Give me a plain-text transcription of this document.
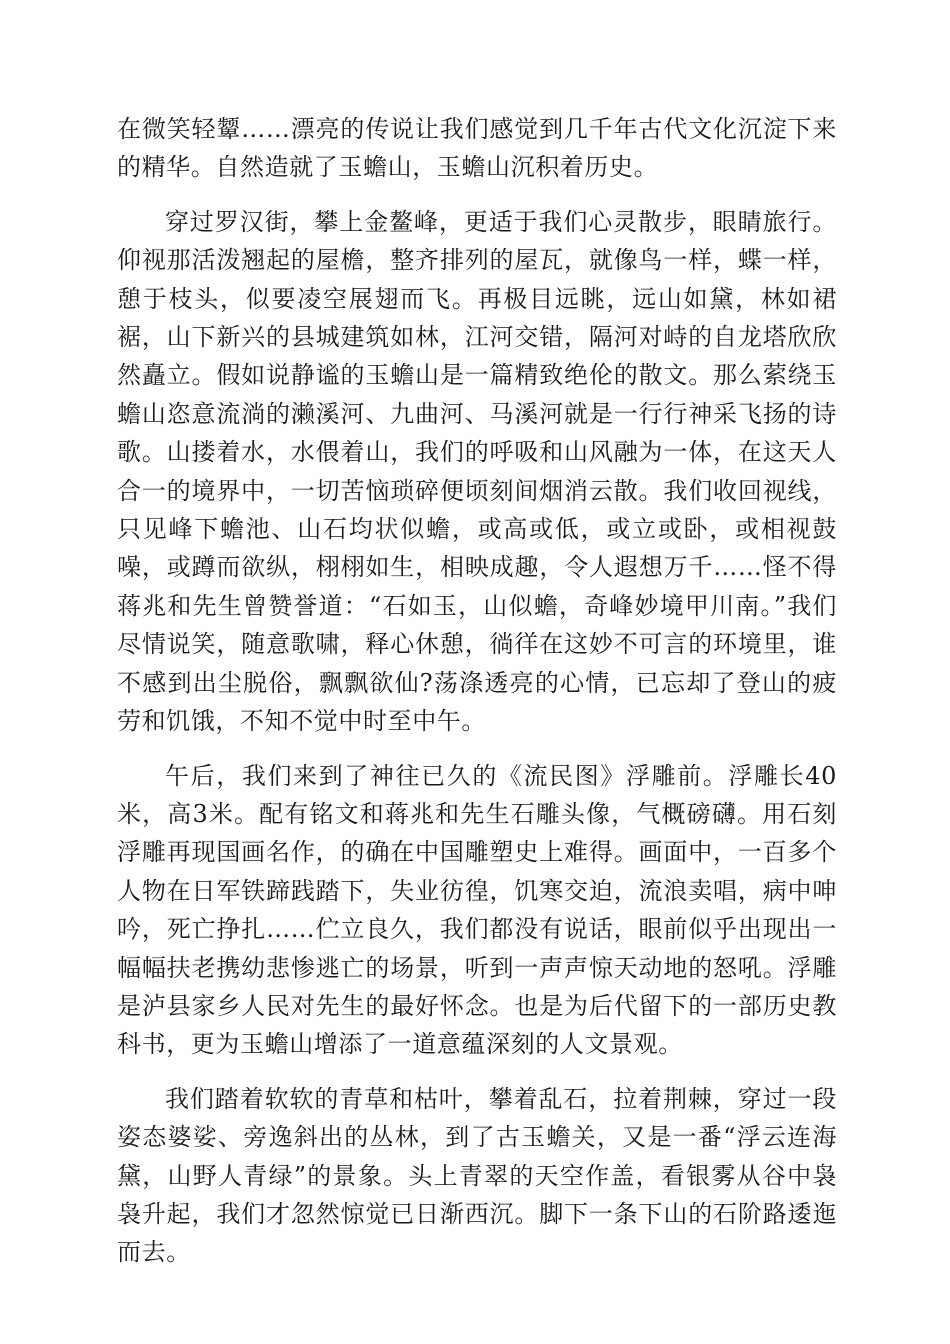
在微笑轻颦……漂亮的传说让我们感觉到几千年古代文化沉淀下来的精华。自然造就了玉蟾山，玉蟾山沉积着历史。

穿过罗汉街，攀上金鳌峰，更适于我们心灵散步，眼睛旅行。仰视那活泼翘起的屋檐，整齐排列的屋瓦，就像鸟一样，蝶一样，憩于枝头，似要凌空展翅而飞。再极目远眺，远山如黛，林如裙裾，山下新兴的县城建筑如林，江河交错，隔河对峙的自龙塔欣欣然矗立。假如说静谧的玉蟾山是一篇精致绝伦的散文。那么萦绕玉蟾山恣意流淌的濑溪河、九曲河、马溪河就是一行行神采飞扬的诗歌。山搂着水，水偎着山，我们的呼吸和山风融为一体，在这天人合一的境界中，一切苦恼琐碎便顷刻间烟消云散。我们收回视线，只见峰下蟾池、山石均状似蟾，或高或低，或立或卧，或相视鼓噪，或蹲而欲纵，栩栩如生，相映成趣，令人遐想万千……怪不得蒋兆和先生曾赞誉道：“石如玉，山似蟾，奇峰妙境甲川南。”我们尽情说笑，随意歌啸，释心休憩，徜徉在这妙不可言的环境里，谁不感到出尘脱俗，飘飘欲仙?荡涤透亮的心情，已忘却了登山的疲劳和饥饿，不知不觉中时至中午。

午后，我们来到了神往已久的《流民图》浮雕前。浮雕长40米，高3米。配有铭文和蒋兆和先生石雕头像，气概磅礴。用石刻浮雕再现国画名作，的确在中国雕塑史上难得。画面中，一百多个人物在日军铁蹄践踏下，失业彷徨，饥寒交迫，流浪卖唱，病中呻吟，死亡挣扎……伫立良久，我们都没有说话，眼前似乎出现出一幅幅扶老携幼悲惨逃亡的场景，听到一声声惊天动地的怒吼。浮雕是泸县家乡人民对先生的最好怀念。也是为后代留下的一部历史教科书，更为玉蟾山增添了一道意蕴深刻的人文景观。

我们踏着软软的青草和枯叶，攀着乱石，拉着荆棘，穿过一段姿态婆娑、旁逸斜出的丛林，到了古玉蟾关，又是一番“浮云连海黛，山野人青绿”的景象。头上青翠的天空作盖，看银雾从谷中袅袅升起，我们才忽然惊觉已日渐西沉。脚下一条下山的石阶路逶迤而去。
